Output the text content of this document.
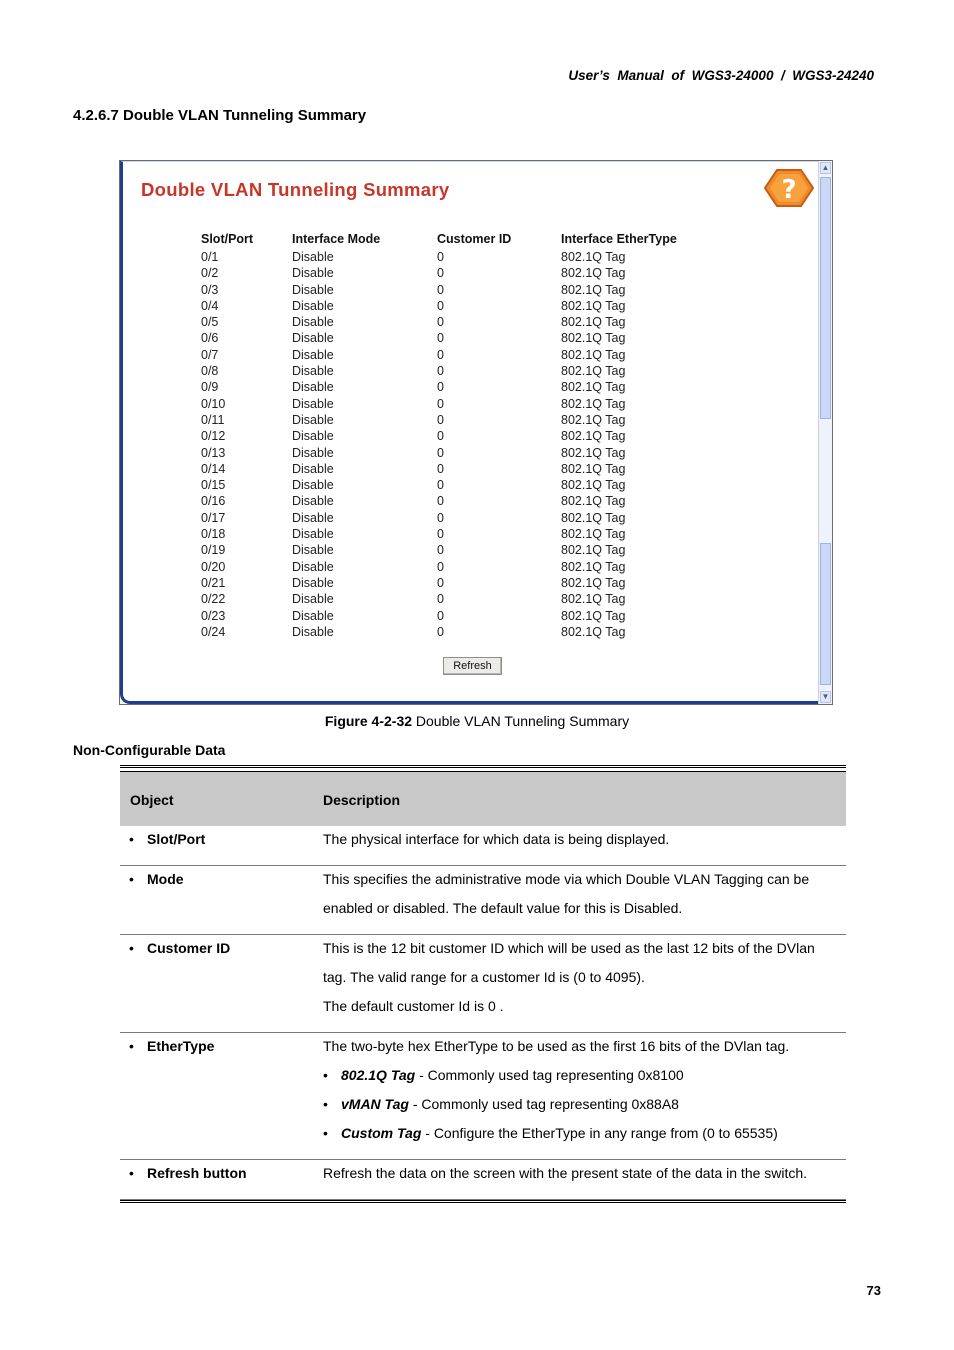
User’s  Manual  of  WGS3-24000  /  WGS3-24240
4.2.6.7 Double VLAN Tunneling Summary
Double VLAN Tunneling Summary	?
Slot/Port	Interface Mode	Customer ID	Interface EtherType
0/1	Disable	0	802.1Q Tag
0/2	Disable	0	802.1Q Tag
0/3	Disable	0	802.1Q Tag
0/4	Disable	0	802.1Q Tag
0/5	Disable	0	802.1Q Tag
0/6	Disable	0	802.1Q Tag
0/7	Disable	0	802.1Q Tag
0/8	Disable	0	802.1Q Tag
0/9	Disable	0	802.1Q Tag
0/10	Disable	0	802.1Q Tag
0/11	Disable	0	802.1Q Tag
0/12	Disable	0	802.1Q Tag
0/13	Disable	0	802.1Q Tag
0/14	Disable	0	802.1Q Tag
0/15	Disable	0	802.1Q Tag
0/16	Disable	0	802.1Q Tag
0/17	Disable	0	802.1Q Tag
0/18	Disable	0	802.1Q Tag
0/19	Disable	0	802.1Q Tag
0/20	Disable	0	802.1Q Tag
0/21	Disable	0	802.1Q Tag
0/22	Disable	0	802.1Q Tag
0/23	Disable	0	802.1Q Tag
0/24	Disable	0	802.1Q Tag
Refresh
▲
▼
Figure 4-2-32 Double VLAN Tunneling Summary
Non-Configurable Data
Object	Description
• Slot/Port	The physical interface for which data is being displayed.
• Mode	This specifies the administrative mode via which Double VLAN Tagging can be
enabled or disabled. The default value for this is Disabled.
• Customer ID	This is the 12 bit customer ID which will be used as the last 12 bits of the DVlan
tag. The valid range for a customer Id is (0 to 4095).
The default customer Id is 0 .
• EtherType	The two-byte hex EtherType to be used as the first 16 bits of the DVlan tag.
• 802.1Q Tag - Commonly used tag representing 0x8100
• vMAN Tag - Commonly used tag representing 0x88A8
• Custom Tag - Configure the EtherType in any range from (0 to 65535)
• Refresh button	Refresh the data on the screen with the present state of the data in the switch.
73
